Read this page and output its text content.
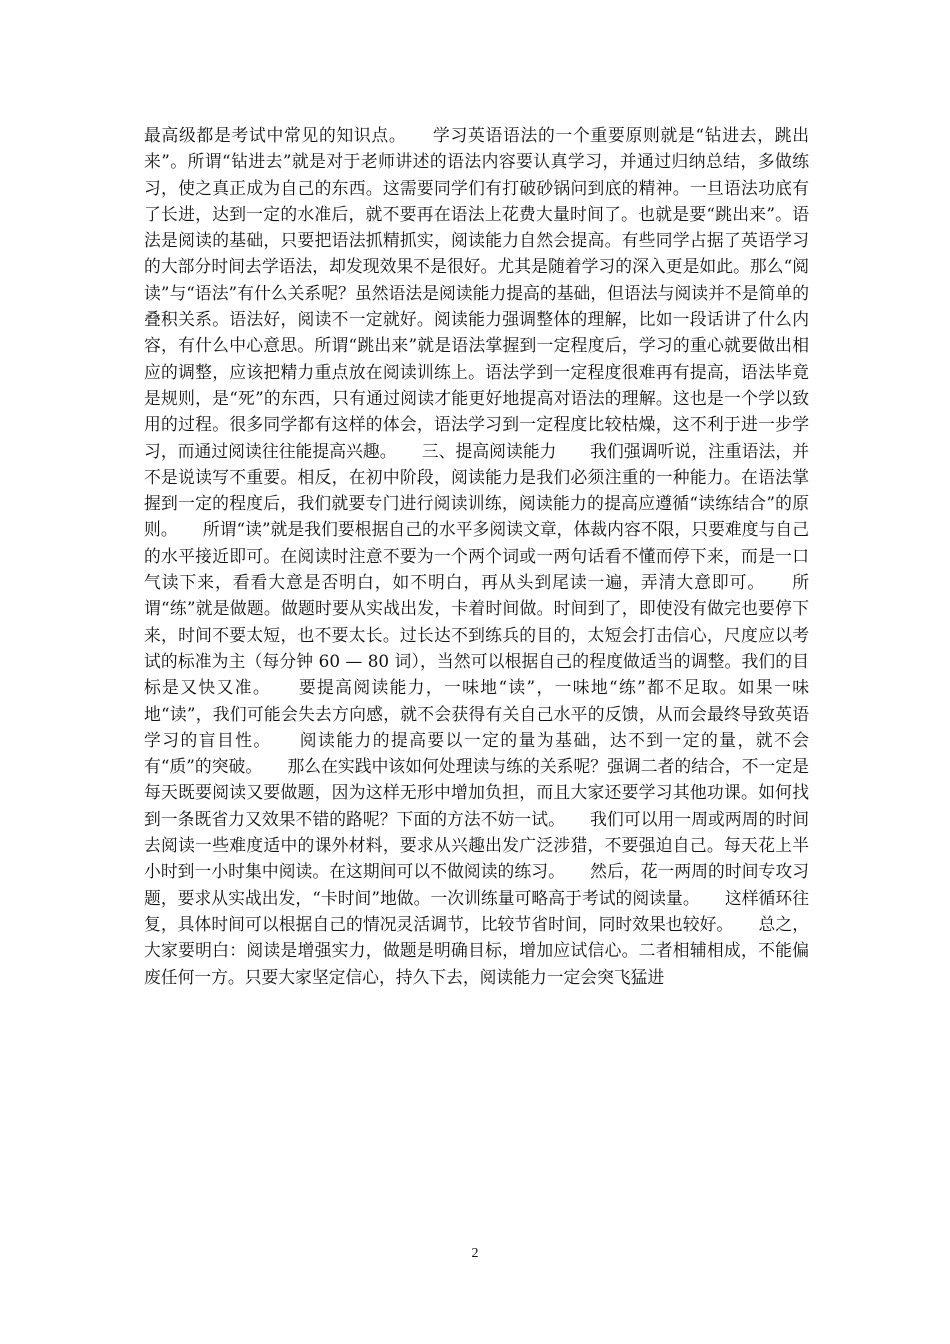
最高级都是考试中常见的知识点。　　学习英语语法的一个重要原则就是“钻进去，跳出来”。所谓“钻进去”就是对于老师讲述的语法内容要认真学习，并通过归纳总结，多做练习，使之真正成为自己的东西。这需要同学们有打破砂锅问到底的精神。一旦语法功底有了长进，达到一定的水准后，就不要再在语法上花费大量时间了。也就是要“跳出来”。语法是阅读的基础，只要把语法抓精抓实，阅读能力自然会提高。有些同学占据了英语学习的大部分时间去学语法，却发现效果不是很好。尤其是随着学习的深入更是如此。那么“阅读”与“语法”有什么关系呢？虽然语法是阅读能力提高的基础，但语法与阅读并不是简单的叠积关系。语法好，阅读不一定就好。阅读能力强调整体的理解，比如一段话讲了什么内容，有什么中心意思。所谓“跳出来”就是语法掌握到一定程度后，学习的重心就要做出相应的调整，应该把精力重点放在阅读训练上。语法学到一定程度很难再有提高，语法毕竟是规则，是“死”的东西，只有通过阅读才能更好地提高对语法的理解。这也是一个学以致用的过程。很多同学都有这样的体会，语法学习到一定程度比较枯燥，这不利于进一步学习，而通过阅读往往能提高兴趣。　　三、提高阅读能力　　我们强调听说，注重语法，并不是说读写不重要。相反，在初中阶段，阅读能力是我们必须注重的一种能力。在语法掌握到一定的程度后，我们就要专门进行阅读训练，阅读能力的提高应遵循“读练结合”的原则。　　所谓“读”就是我们要根据自己的水平多阅读文章，体裁内容不限，只要难度与自己的水平接近即可。在阅读时注意不要为一个两个词或一两句话看不懂而停下来，而是一口气读下来，看看大意是否明白，如不明白，再从头到尾读一遍，弄清大意即可。　　所谓“练”就是做题。做题时要从实战出发，卡着时间做。时间到了，即使没有做完也要停下来，时间不要太短，也不要太长。过长达不到练兵的目的，太短会打击信心，尺度应以考试的标准为主（每分钟 60 — 80 词），当然可以根据自己的程度做适当的调整。我们的目标是又快又准。　　要提高阅读能力，一味地“读”，一味地“练”都不足取。如果一味地“读”，我们可能会失去方向感，就不会获得有关自己水平的反馈，从而会最终导致英语学习的盲目性。　　阅读能力的提高要以一定的量为基础，达不到一定的量，就不会有“质”的突破。　　那么在实践中该如何处理读与练的关系呢？强调二者的结合，不一定是每天既要阅读又要做题，因为这样无形中增加负担，而且大家还要学习其他功课。如何找到一条既省力又效果不错的路呢？下面的方法不妨一试。　　我们可以用一周或两周的时间去阅读一些难度适中的课外材料，要求从兴趣出发广泛涉猎，不要强迫自己。每天花上半小时到一小时集中阅读。在这期间可以不做阅读的练习。　　然后，花一两周的时间专攻习题，要求从实战出发，“卡时间”地做。一次训练量可略高于考试的阅读量。　　这样循环往复，具体时间可以根据自己的情况灵活调节，比较节省时间，同时效果也较好。　　总之，大家要明白：阅读是增强实力，做题是明确目标，增加应试信心。二者相辅相成，不能偏废任何一方。只要大家坚定信心，持久下去，阅读能力一定会突飞猛进

2
